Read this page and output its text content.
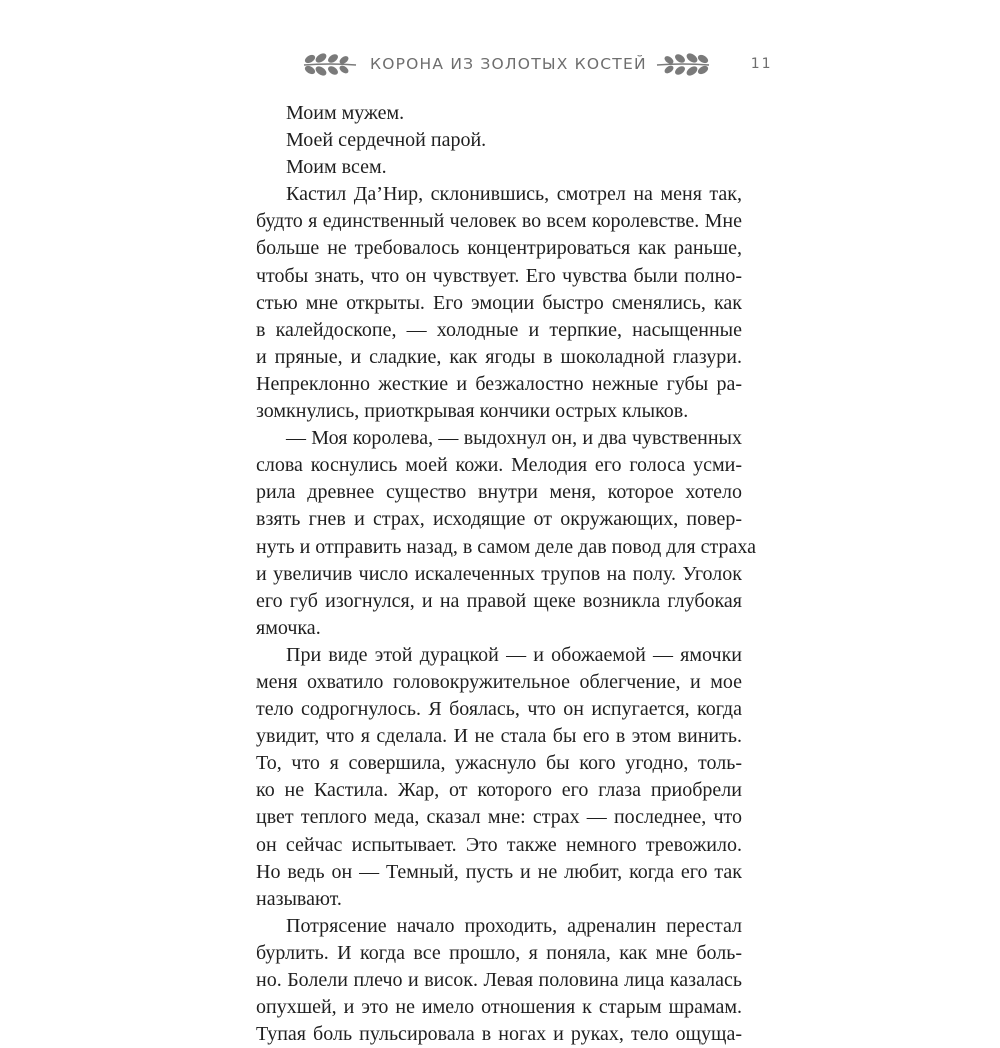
КОРОНА ИЗ ЗОЛОТЫХ КОСТЕЙ	11
Моим мужем.
Моей сердечной парой.
Моим всем.
Кастил Да’Нир, склонившись, смотрел на меня так,
будто я единственный человек во всем королевстве. Мне
больше не требовалось концентрироваться как раньше,
чтобы знать, что он чувствует. Его чувства были полно-
стью мне открыты. Его эмоции быстро сменялись, как
в калейдоскопе, — холодные и терпкие, насыщенные
и пряные, и сладкие, как ягоды в шоколадной глазури.
Непреклонно жесткие и безжалостно нежные губы ра-
зомкнулись, приоткрывая кончики острых клыков.
— Моя королева, — выдохнул он, и два чувственных
слова коснулись моей кожи. Мелодия его голоса усми-
рила древнее существо внутри меня, которое хотело
взять гнев и страх, исходящие от окружающих, повер-
нуть и отправить назад, в самом деле дав повод для страха
и увеличив число искалеченных трупов на полу. Уголок
его губ изогнулся, и на правой щеке возникла глубокая
ямочка.
При виде этой дурацкой — и обожаемой — ямочки
меня охватило головокружительное облегчение, и мое
тело содрогнулось. Я боялась, что он испугается, когда
увидит, что я сделала. И не стала бы его в этом винить.
То, что я совершила, ужаснуло бы кого угодно, толь-
ко не Кастила. Жар, от которого его глаза приобрели
цвет теплого меда, сказал мне: страх — последнее, что
он сейчас испытывает. Это также немного тревожило.
Но ведь он — Темный, пусть и не любит, когда его так
называют.
Потрясение начало проходить, адреналин перестал
бурлить. И когда все прошло, я поняла, как мне боль-
но. Болели плечо и висок. Левая половина лица казалась
опухшей, и это не имело отношения к старым шрамам.
Тупая боль пульсировала в ногах и руках, тело ощуща-
